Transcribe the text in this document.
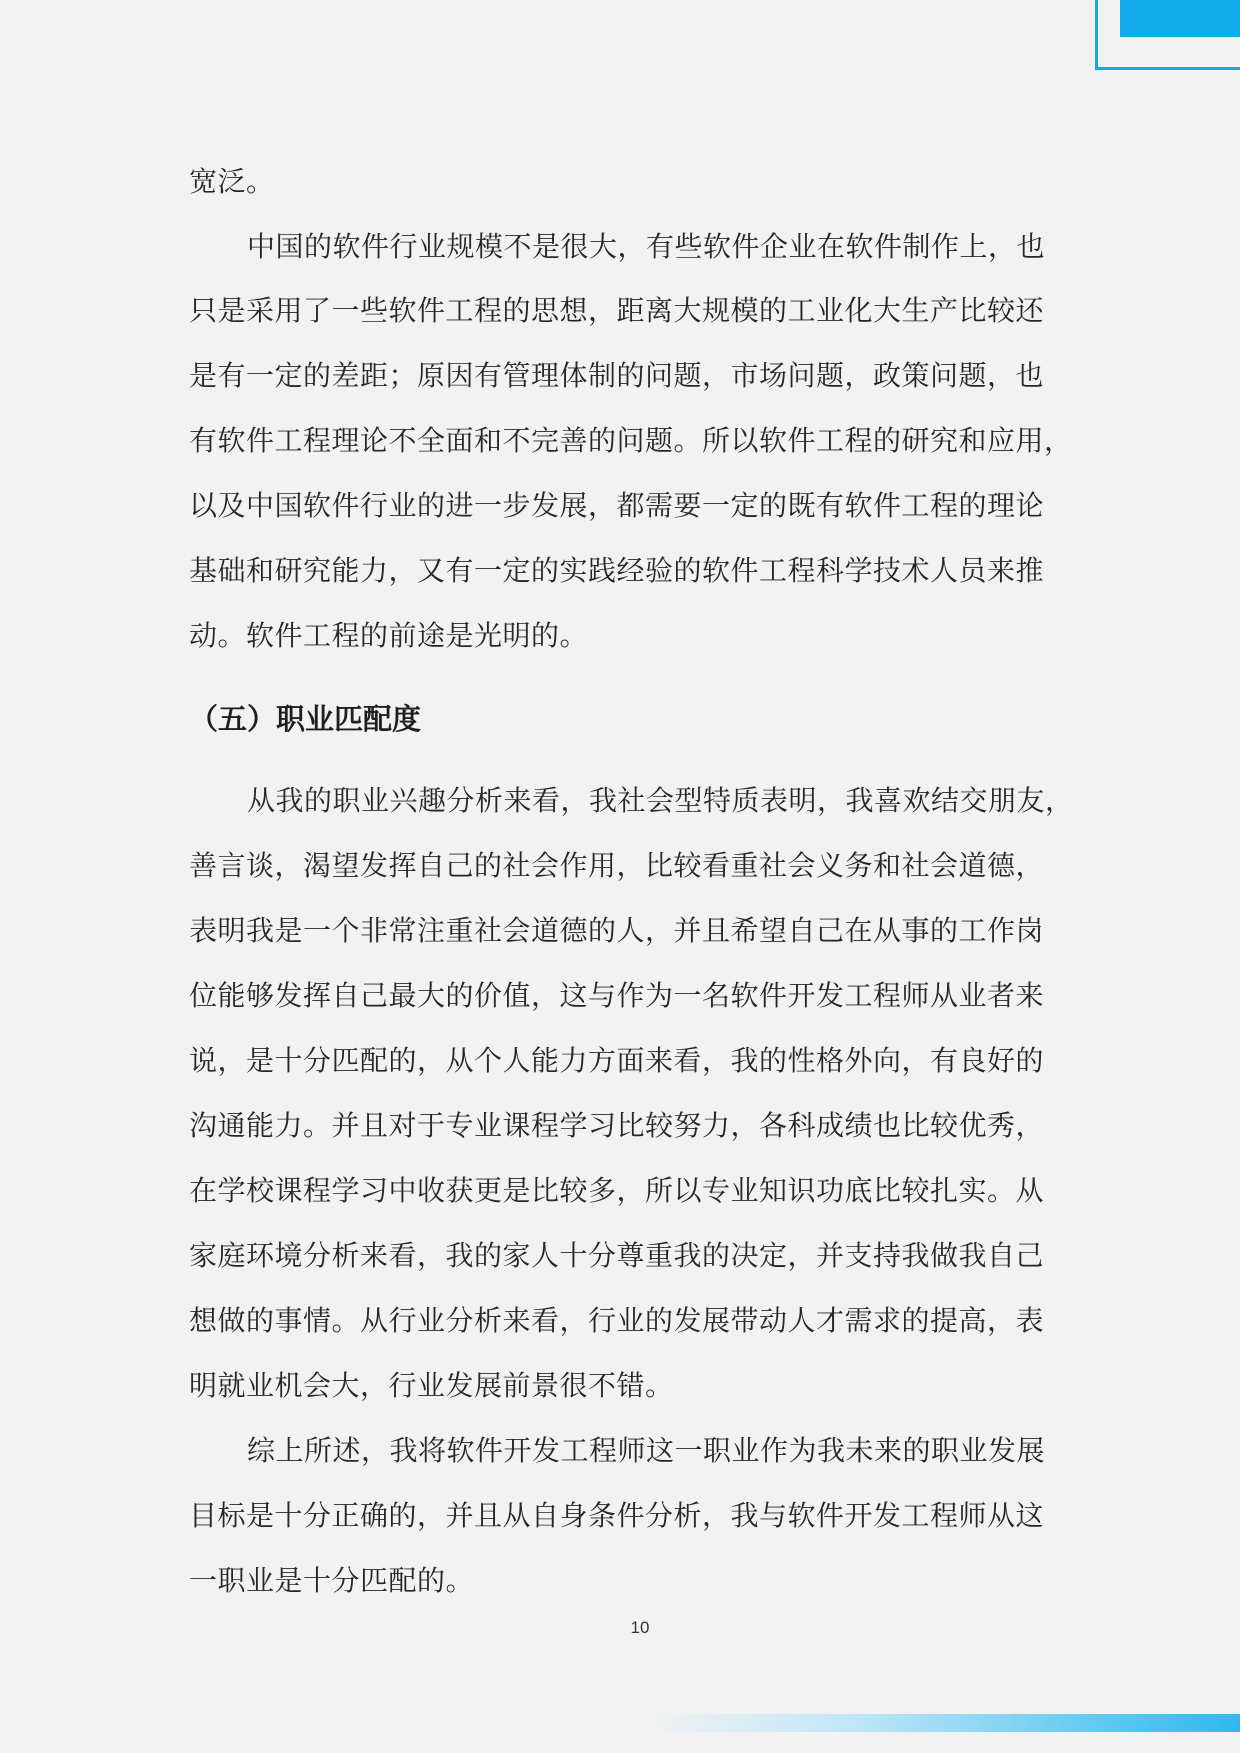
宽泛。
中国的软件行业规模不是很大，有些软件企业在软件制作上，也
只是采用了一些软件工程的思想，距离大规模的工业化大生产比较还
是有一定的差距；原因有管理体制的问题，市场问题，政策问题，也
有软件工程理论不全面和不完善的问题。所以软件工程的研究和应用，
以及中国软件行业的进一步发展，都需要一定的既有软件工程的理论
基础和研究能力，又有一定的实践经验的软件工程科学技术人员来推
动。软件工程的前途是光明的。
（五）职业匹配度
从我的职业兴趣分析来看，我社会型特质表明，我喜欢结交朋友，
善言谈，渴望发挥自己的社会作用，比较看重社会义务和社会道德，
表明我是一个非常注重社会道德的人，并且希望自己在从事的工作岗
位能够发挥自己最大的价值，这与作为一名软件开发工程师从业者来
说，是十分匹配的，从个人能力方面来看，我的性格外向，有良好的
沟通能力。并且对于专业课程学习比较努力，各科成绩也比较优秀，
在学校课程学习中收获更是比较多，所以专业知识功底比较扎实。从
家庭环境分析来看，我的家人十分尊重我的决定，并支持我做我自己
想做的事情。从行业分析来看，行业的发展带动人才需求的提高，表
明就业机会大，行业发展前景很不错。
综上所述，我将软件开发工程师这一职业作为我未来的职业发展
目标是十分正确的，并且从自身条件分析，我与软件开发工程师从这
一职业是十分匹配的。
10
